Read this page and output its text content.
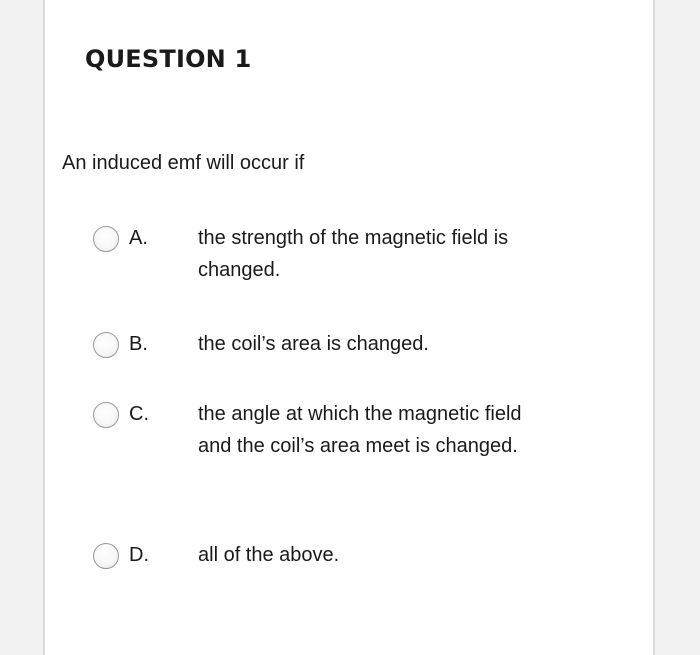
QUESTION 1
An induced emf will occur if
A.	the strength of the magnetic field is changed.
B.	the coil’s area is changed.
C. the angle at which the magnetic field and the coil’s area meet is changed.
D. all of the above.
